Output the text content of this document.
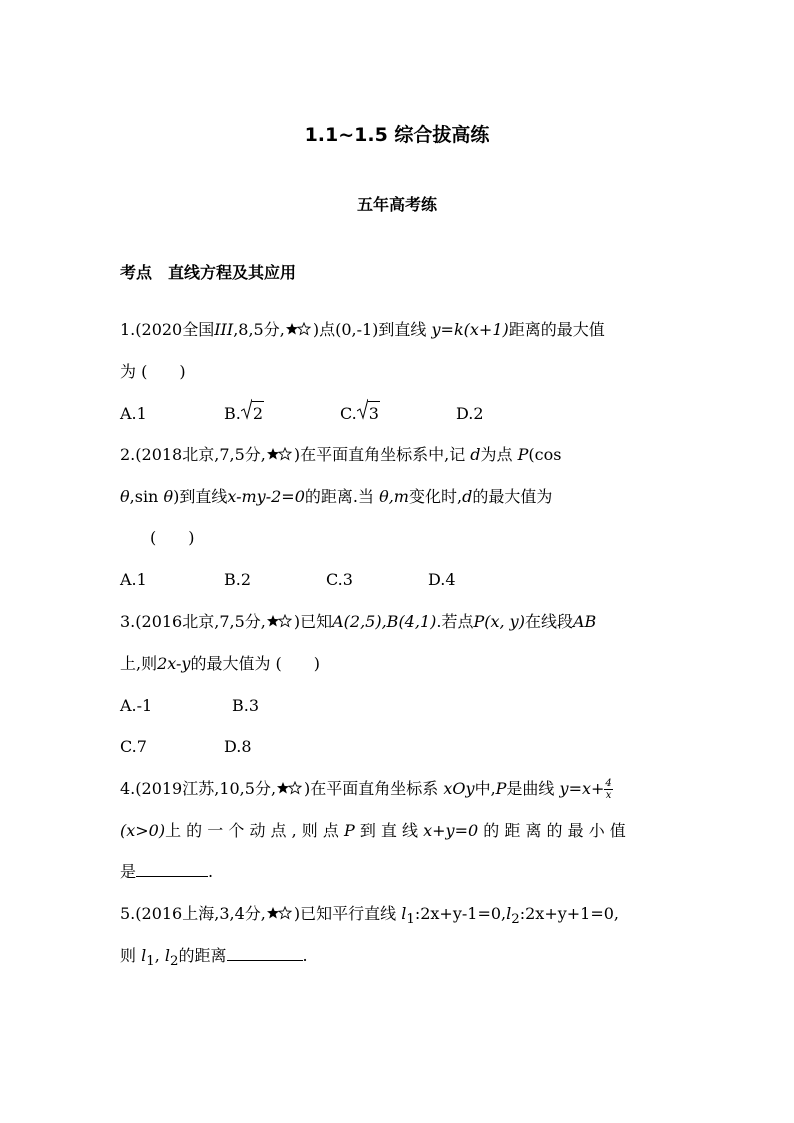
1.1~1.5 综合拔高练
五年高考练
考点　直线方程及其应用
1.(2020全国III,8,5分, )点(0,-1)到直线 y=k(x+1)距离的最大值
为 (　　)
A.1	B. 2	C. 3	D.2
2.(2018北京,7,5分, )在平面直角坐标系中,记 d为点 P(cos
θ,sin θ)到直线x-my-2=0的距离.当 θ,m变化时,d的最大值为
(　　)
A.1	B.2	C.3	D.4
3.(2016北京,7,5分, )已知A(2,5),B(4,1).若点P(x, y)在线段AB
上,则2x-y的最大值为 (　　)
A.-1	B.3
C.7	D.8
4.(2019江苏,10,5分, )在平面直角坐标系 xOy中,P是曲线 $y=x+ \frac{4}{x}$
(x>0)上 的 一 个 动 点 , 则 点 P 到 直 线 x+y=0 的 距 离 的 最 小 值
是	.
5.(2016上海,3,4分, )已知平行直线 $l_1:2x+y-1=0,l_2:2x+y+1=0$,
则 $l_1$, $l_2$的距离	.
